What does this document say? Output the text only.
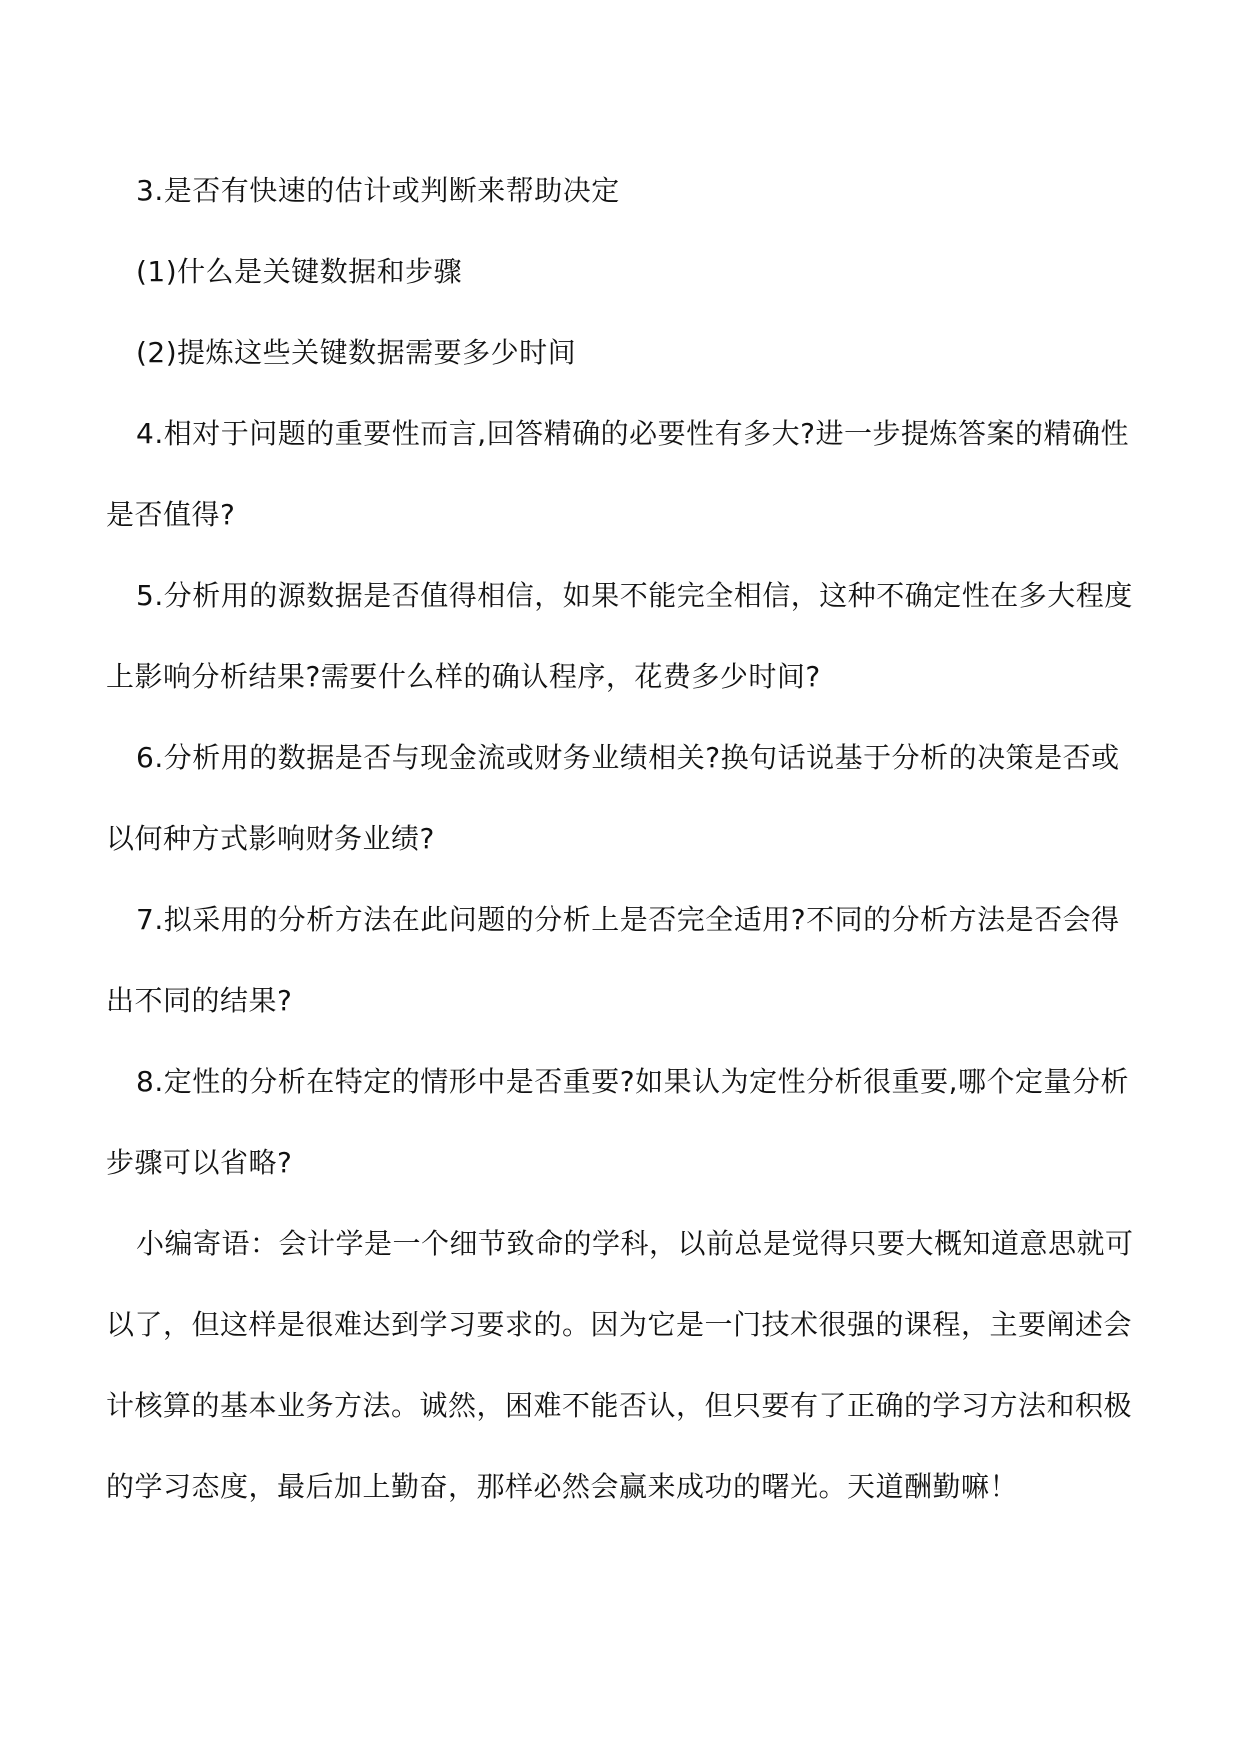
3.是否有快速的估计或判断来帮助决定

(1)什么是关键数据和步骤

(2)提炼这些关键数据需要多少时间

4.相对于问题的重要性而言,回答精确的必要性有多大?进一步提炼答案的精确性是否值得?

5.分析用的源数据是否值得相信，如果不能完全相信，这种不确定性在多大程度上影响分析结果?需要什么样的确认程序，花费多少时间?

6.分析用的数据是否与现金流或财务业绩相关?换句话说基于分析的决策是否或以何种方式影响财务业绩?

7.拟采用的分析方法在此问题的分析上是否完全适用?不同的分析方法是否会得出不同的结果?

8.定性的分析在特定的情形中是否重要?如果认为定性分析很重要,哪个定量分析步骤可以省略?

小编寄语：会计学是一个细节致命的学科，以前总是觉得只要大概知道意思就可以了，但这样是很难达到学习要求的。因为它是一门技术很强的课程，主要阐述会计核算的基本业务方法。诚然，困难不能否认，但只要有了正确的学习方法和积极的学习态度，最后加上勤奋，那样必然会赢来成功的曙光。天道酬勤嘛！
